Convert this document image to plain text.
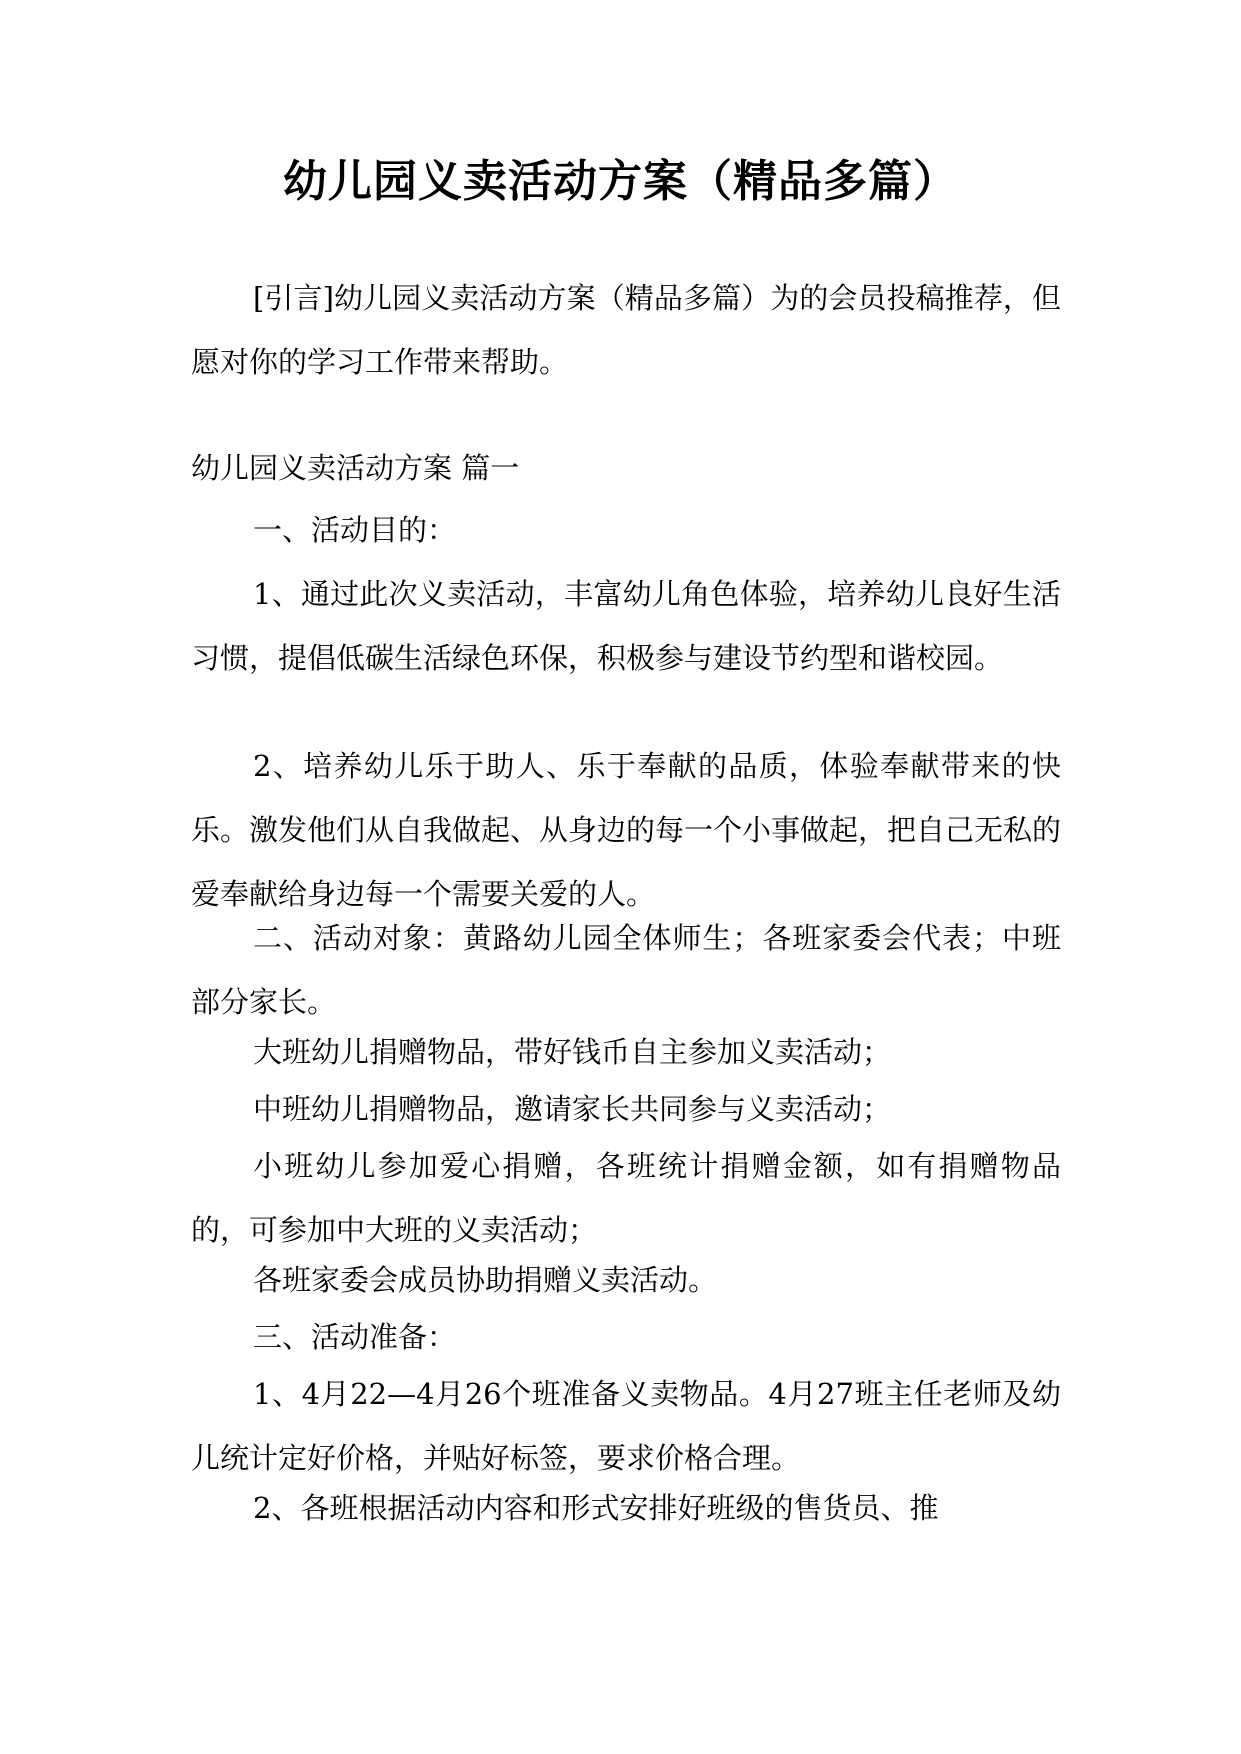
幼儿园义卖活动方案（精品多篇）

[引言]幼儿园义卖活动方案（精品多篇）为的会员投稿推荐，但愿对你的学习工作带来帮助。

幼儿园义卖活动方案 篇一

一、活动目的：

1、通过此次义卖活动，丰富幼儿角色体验，培养幼儿良好生活习惯，提倡低碳生活绿色环保，积极参与建设节约型和谐校园。

2、培养幼儿乐于助人、乐于奉献的品质，体验奉献带来的快乐。激发他们从自我做起、从身边的每一个小事做起，把自己无私的爱奉献给身边每一个需要关爱的人。

二、活动对象：黄路幼儿园全体师生；各班家委会代表；中班部分家长。

大班幼儿捐赠物品，带好钱币自主参加义卖活动；

中班幼儿捐赠物品，邀请家长共同参与义卖活动；

小班幼儿参加爱心捐赠，各班统计捐赠金额，如有捐赠物品的，可参加中大班的义卖活动；

各班家委会成员协助捐赠义卖活动。

三、活动准备：

1、4月22—4月26个班准备义卖物品。4月27班主任老师及幼儿统计定好价格，并贴好标签，要求价格合理。

2、各班根据活动内容和形式安排好班级的售货员、推
